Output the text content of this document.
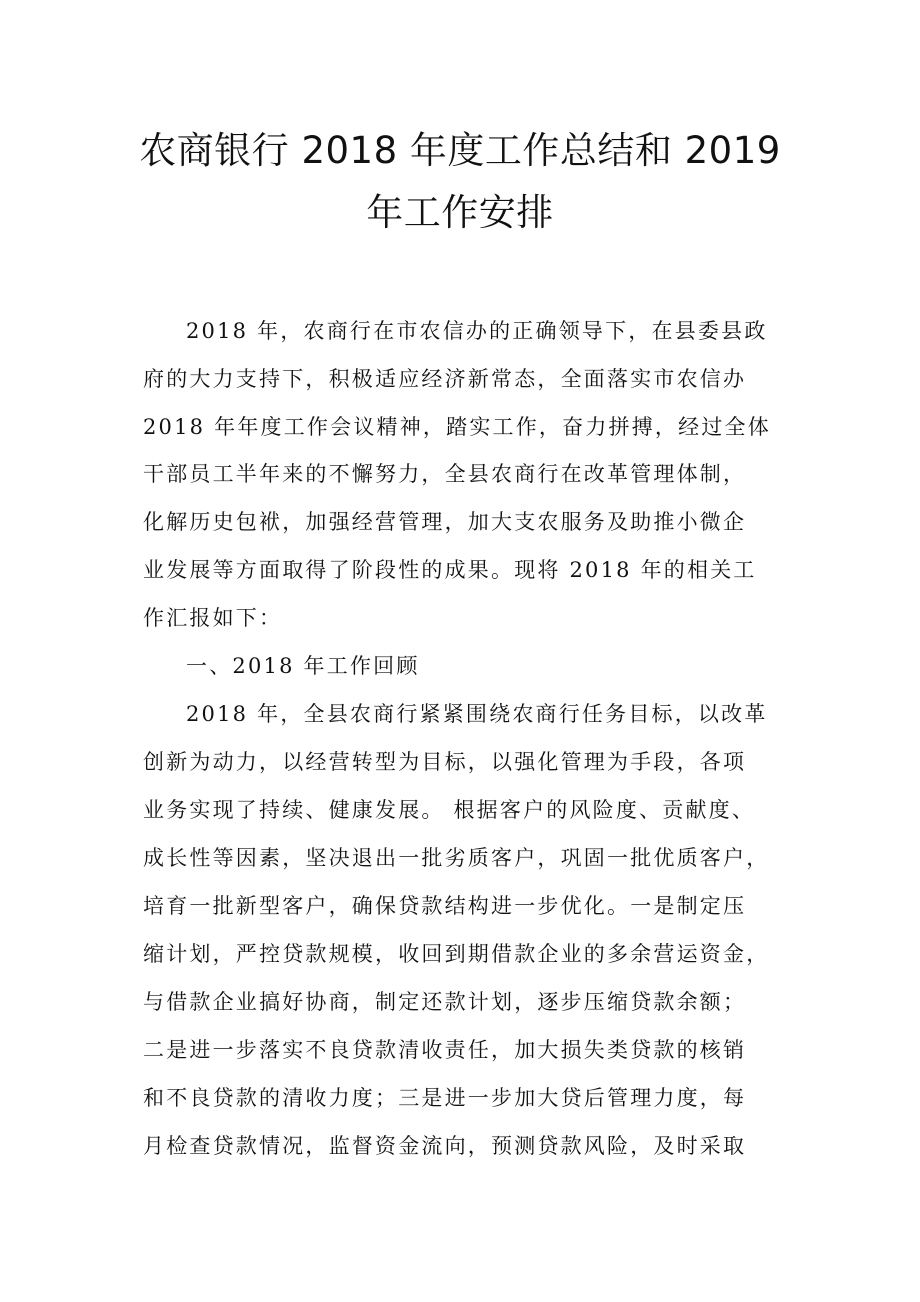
农商银行 2018 年度工作总结和 2019
年工作安排
2018 年，农商行在市农信办的正确领导下，在县委县政
府的大力支持下，积极适应经济新常态，全面落实市农信办
2018 年年度工作会议精神，踏实工作，奋力拼搏，经过全体
干部员工半年来的不懈努力，全县农商行在改革管理体制，
化解历史包袱，加强经营管理，加大支农服务及助推小微企
业发展等方面取得了阶段性的成果。现将 2018 年的相关工
作汇报如下：
一、2018 年工作回顾
2018 年，全县农商行紧紧围绕农商行任务目标，以改革
创新为动力，以经营转型为目标，以强化管理为手段，各项
业务实现了持续、健康发展。 根据客户的风险度、贡献度、
成长性等因素，坚决退出一批劣质客户，巩固一批优质客户，
培育一批新型客户，确保贷款结构进一步优化。一是制定压
缩计划，严控贷款规模，收回到期借款企业的多余营运资金，
与借款企业搞好协商，制定还款计划，逐步压缩贷款余额；
二是进一步落实不良贷款清收责任，加大损失类贷款的核销
和不良贷款的清收力度；三是进一步加大贷后管理力度，每
月检查贷款情况，监督资金流向，预测贷款风险，及时采取
